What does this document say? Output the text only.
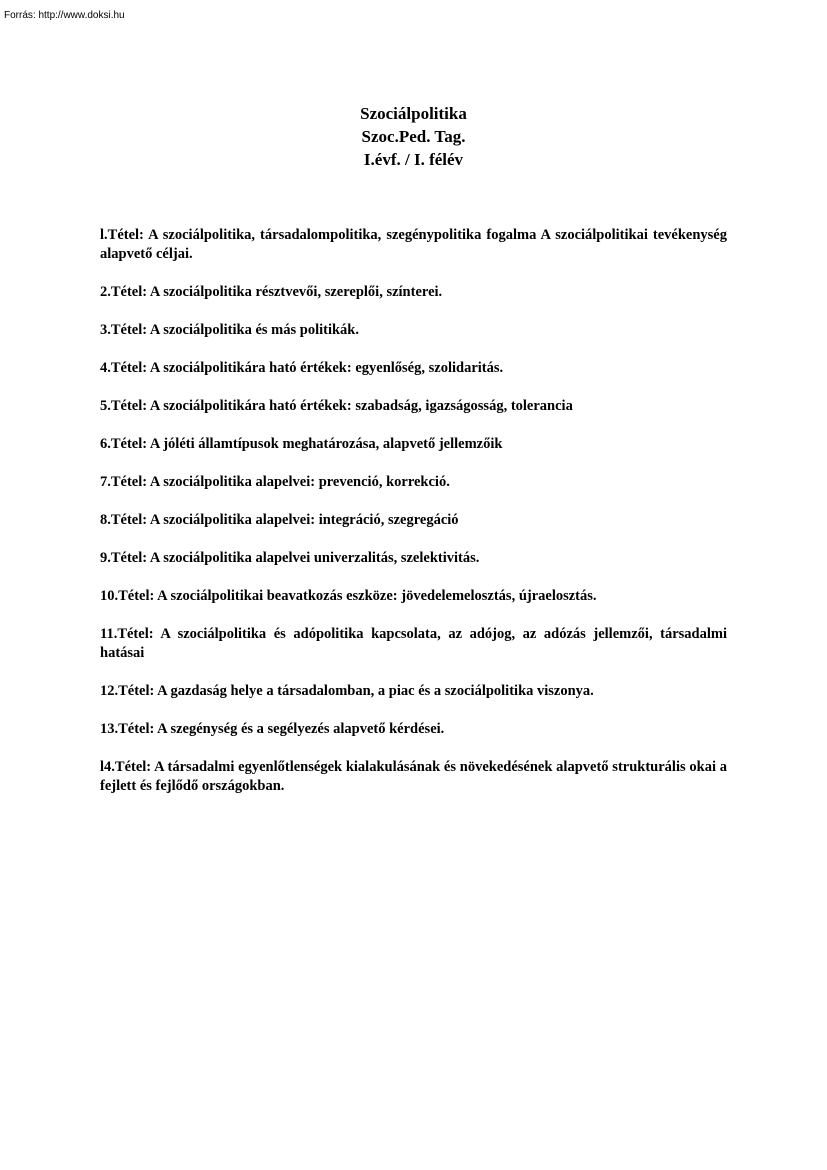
Forrás: http://www.doksi.hu
Szociálpolitika
Szoc.Ped. Tag.
I.évf. / I. félév

l.Tétel: A szociálpolitika, társadalompolitika, szegénypolitika fogalma A szociálpolitikai tevékenység alapvető céljai.

2.Tétel: A szociálpolitika résztvevői, szereplői, színterei.

3.Tétel: A szociálpolitika és más politikák.

4.Tétel: A szociálpolitikára ható értékek: egyenlőség, szolidaritás.

5.Tétel: A szociálpolitikára ható értékek: szabadság, igazságosság, tolerancia

6.Tétel: A jóléti államtípusok meghatározása, alapvető jellemzőik

7.Tétel: A szociálpolitika alapelvei: prevenció, korrekció.

8.Tétel: A szociálpolitika alapelvei: integráció, szegregáció

9.Tétel: A szociálpolitika alapelvei univerzalitás, szelektivitás.

10.Tétel: A szociálpolitikai beavatkozás eszköze: jövedelemelosztás, újraelosztás.

11.Tétel: A szociálpolitika és adópolitika kapcsolata, az adójog, az adózás jellemzői, társadalmi hatásai

12.Tétel: A gazdaság helye a társadalomban, a piac és a szociálpolitika viszonya.

13.Tétel: A szegénység és a segélyezés alapvető kérdései.

l4.Tétel: A társadalmi egyenlőtlenségek kialakulásának és növekedésének alapvető strukturális okai a fejlett és fejlődő országokban.
